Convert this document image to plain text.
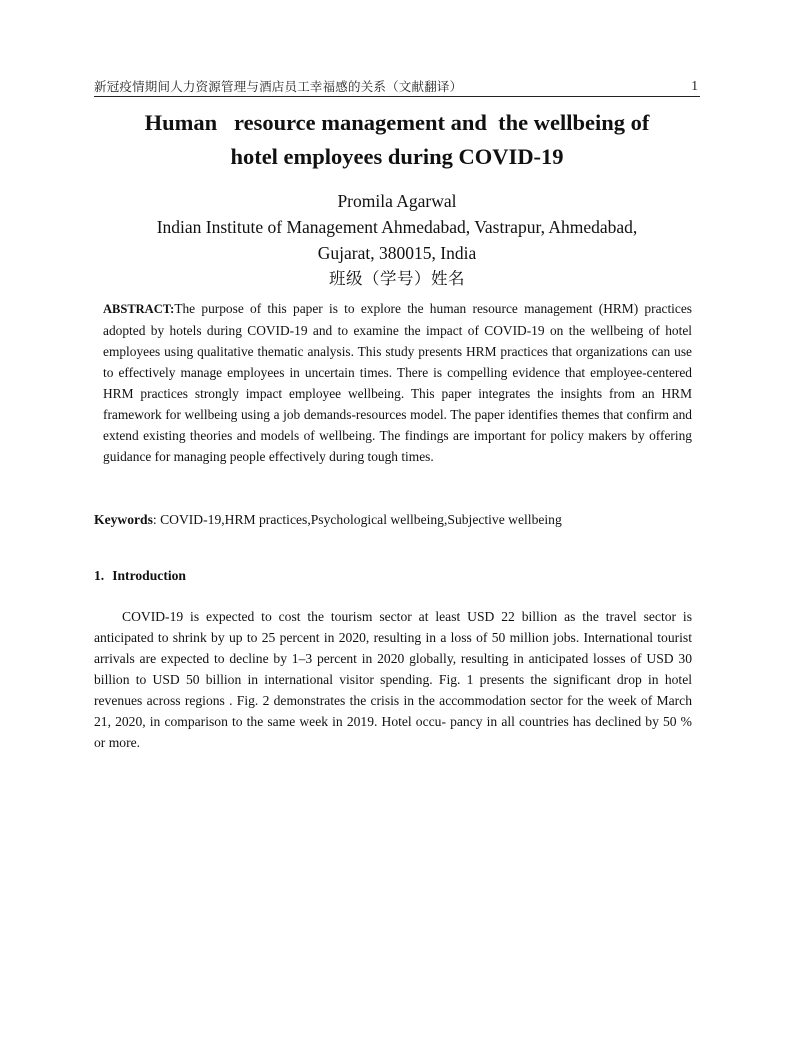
新冠疫情期间人力资源管理与酒店员工幸福感的关系（文献翻译）	1
Human   resource management and  the wellbeing of
hotel employees during COVID-19
Promila Agarwal
Indian Institute of Management Ahmedabad, Vastrapur, Ahmedabad,
Gujarat, 380015, India
班级（学号）姓名
ABSTRACT:The purpose of this paper is to explore the human resource management (HRM) practices adopted by hotels during COVID-19 and to examine the impact of COVID-19 on the wellbeing of hotel employees using qualitative thematic analysis. This study presents HRM practices that organizations can use to effectively manage employees in uncertain times. There is compelling evidence that employee-centered HRM practices strongly impact employee wellbeing. This paper integrates the insights from an HRM framework for wellbeing using a job demands-resources model. The paper identifies themes that confirm and extend existing theories and models of wellbeing. The findings are important for policy makers by offering guidance for managing people effectively during tough times.
Keywords: COVID-19,HRM practices,Psychological wellbeing,Subjective wellbeing
1. Introduction

COVID-19 is expected to cost the tourism sector at least USD 22 billion as the travel sector is anticipated to shrink by up to 25 percent in 2020, resulting in a loss of 50 million jobs. International tourist arrivals are expected to decline by 1–3 percent in 2020 globally, resulting in anticipated losses of USD 30 billion to USD 50 billion in international visitor spending. Fig. 1 presents the significant drop in hotel revenues across regions . Fig. 2 demonstrates the crisis in the accommodation sector for the week of March 21, 2020, in comparison to the same week in 2019. Hotel occu- pancy in all countries has declined by 50 % or more.
